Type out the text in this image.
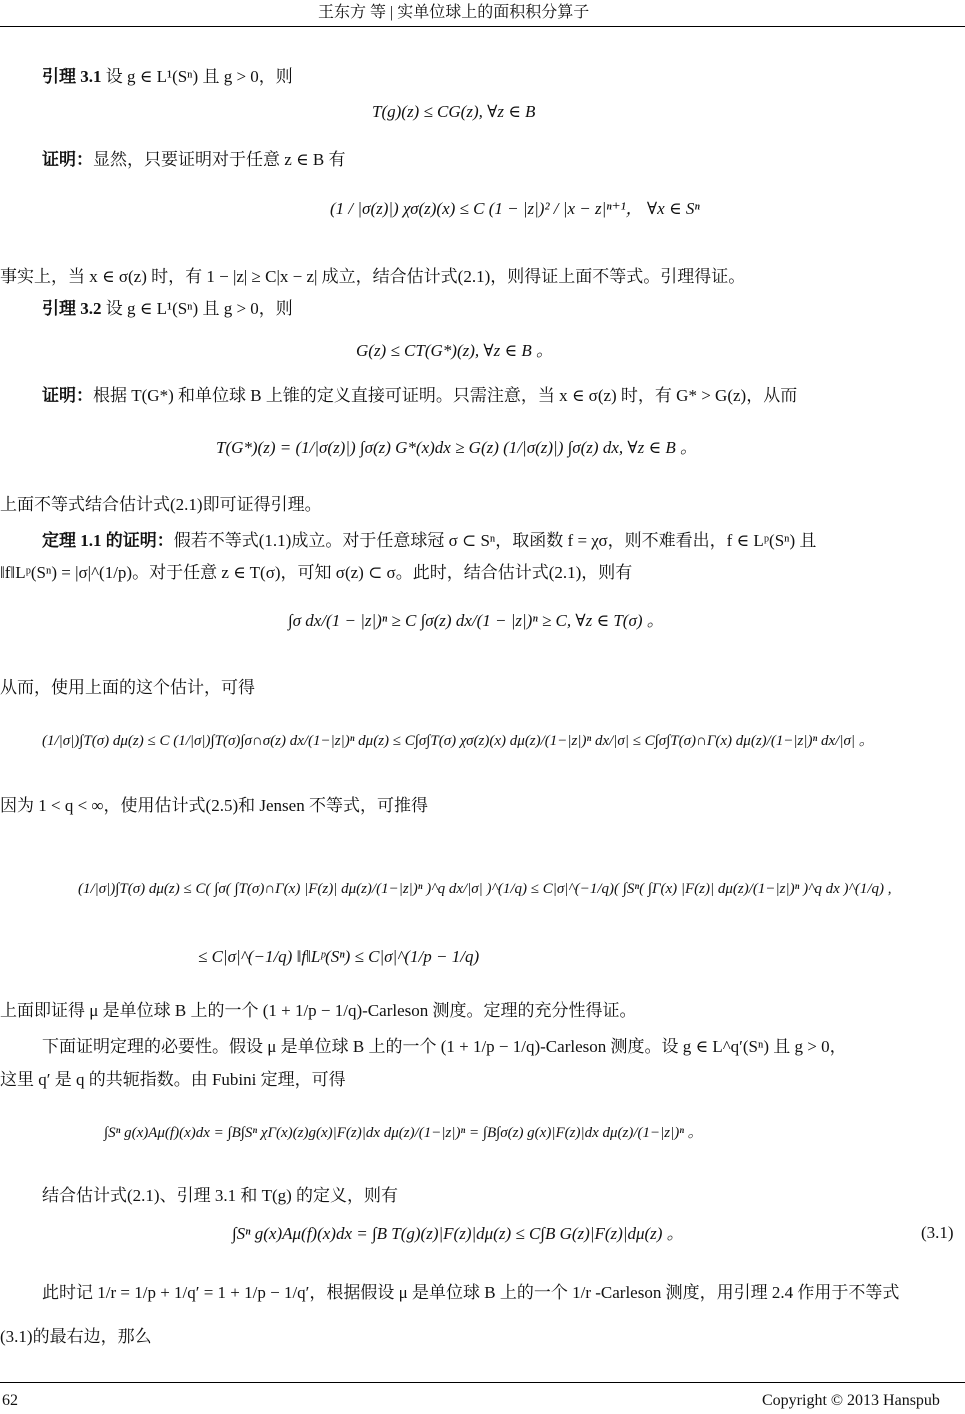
王东方 等 | 实单位球上的面积积分算子
引理 3.1 设 g ∈ L¹(Sⁿ) 且 g > 0，则
T(g)(z) ≤ CG(z), ∀z ∈ B
证明：显然，只要证明对于任意 z ∈ B 有
(1 / |σ(z)|) χσ(z)(x) ≤ C (1 − |z|)² / |x − z|ⁿ⁺¹， ∀x ∈ Sⁿ
事实上，当 x ∈ σ(z) 时，有 1 − |z| ≥ C|x − z| 成立，结合估计式(2.1)，则得证上面不等式。引理得证。
引理 3.2 设 g ∈ L¹(Sⁿ) 且 g > 0，则
G(z) ≤ CT(G*)(z), ∀z ∈ B 。
证明：根据 T(G*) 和单位球 B 上锥的定义直接可证明。只需注意，当 x ∈ σ(z) 时，有 G* > G(z)，从而
T(G*)(z) = (1/|σ(z)|) ∫σ(z) G*(x)dx ≥ G(z) (1/|σ(z)|) ∫σ(z) dx, ∀z ∈ B 。
上面不等式结合估计式(2.1)即可证得引理。
定理 1.1 的证明：假若不等式(1.1)成立。对于任意球冠 σ ⊂ Sⁿ，取函数 f = χσ，则不难看出，f ∈ Lᵖ(Sⁿ) 且
‖f‖Lᵖ(Sⁿ) = |σ|^(1/p)。对于任意 z ∈ T(σ)，可知 σ(z) ⊂ σ。此时，结合估计式(2.1)，则有
∫σ dx/(1 − |z|)ⁿ ≥ C ∫σ(z) dx/(1 − |z|)ⁿ ≥ C, ∀z ∈ T(σ) 。
从而，使用上面的这个估计，可得
(1/|σ|)∫T(σ) dμ(z) ≤ C (1/|σ|)∫T(σ)∫σ∩σ(z) dx/(1−|z|)ⁿ dμ(z) ≤ C∫σ∫T(σ) χσ(z)(x) dμ(z)/(1−|z|)ⁿ dx/|σ| ≤ C∫σ∫T(σ)∩Γ(x) dμ(z)/(1−|z|)ⁿ dx/|σ| 。
因为 1 < q < ∞，使用估计式(2.5)和 Jensen 不等式，可推得
(1/|σ|)∫T(σ) dμ(z) ≤ C( ∫σ( ∫T(σ)∩Γ(x) |F(z)| dμ(z)/(1−|z|)ⁿ )^q dx/|σ| )^(1/q) ≤ C|σ|^(−1/q)( ∫Sⁿ( ∫Γ(x) |F(z)| dμ(z)/(1−|z|)ⁿ )^q dx )^(1/q) ,
≤ C|σ|^(−1/q) ‖f‖Lᵖ(Sⁿ) ≤ C|σ|^(1/p − 1/q)
上面即证得 μ 是单位球 B 上的一个 (1 + 1/p − 1/q)-Carleson 测度。定理的充分性得证。
下面证明定理的必要性。假设 μ 是单位球 B 上的一个 (1 + 1/p − 1/q)-Carleson 测度。设 g ∈ L^q′(Sⁿ) 且 g > 0，
这里 q′ 是 q 的共轭指数。由 Fubini 定理，可得
∫Sⁿ g(x)Aμ(f)(x)dx = ∫B∫Sⁿ χΓ(x)(z)g(x)|F(z)|dx dμ(z)/(1−|z|)ⁿ = ∫B∫σ(z) g(x)|F(z)|dx dμ(z)/(1−|z|)ⁿ 。
结合估计式(2.1)、引理 3.1 和 T(g) 的定义，则有
∫Sⁿ g(x)Aμ(f)(x)dx = ∫B T(g)(z)|F(z)|dμ(z) ≤ C∫B G(z)|F(z)|dμ(z) 。	(3.1)
此时记 1/r = 1/p + 1/q′ = 1 + 1/p − 1/q′，根据假设 μ 是单位球 B 上的一个 1/r -Carleson 测度，用引理 2.4 作用于不等式
(3.1)的最右边，那么
62	Copyright © 2013 Hanspub
